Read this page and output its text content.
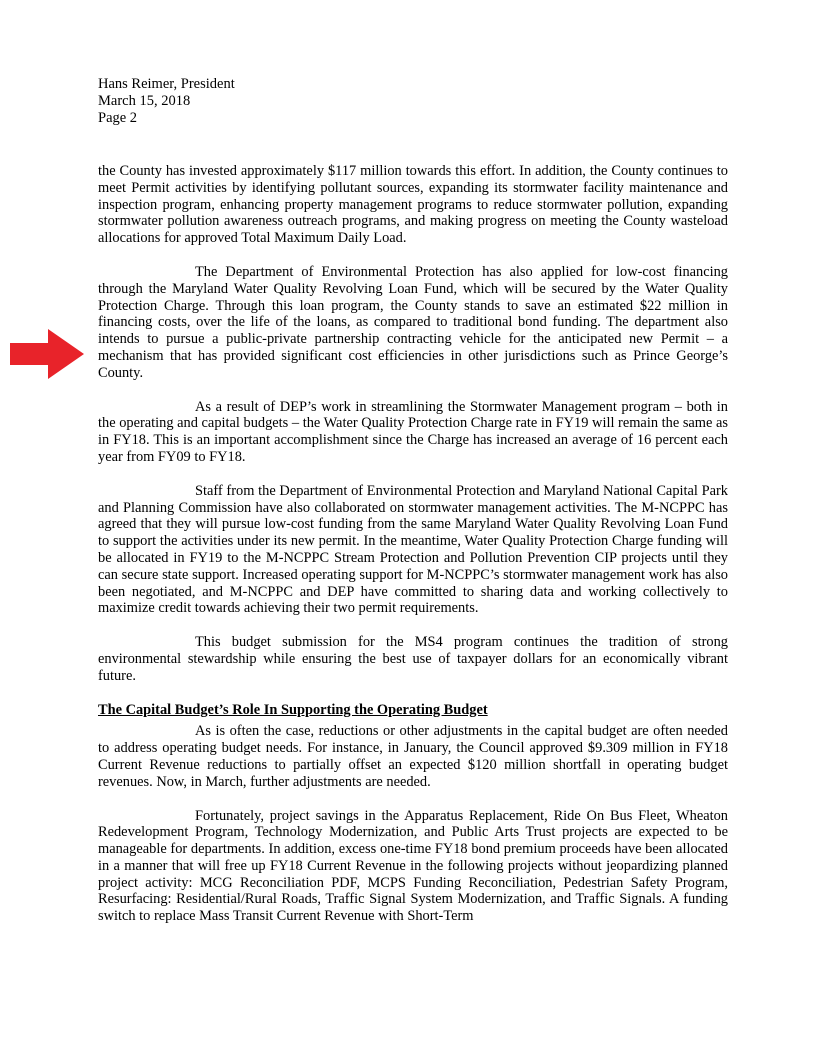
Hans Reimer, President
March 15, 2018
Page 2

the County has invested approximately $117 million towards this effort. In addition, the County continues to meet Permit activities by identifying pollutant sources, expanding its stormwater facility maintenance and inspection program, enhancing property management programs to reduce stormwater pollution, expanding stormwater pollution awareness outreach programs, and making progress on meeting the County wasteload allocations for approved Total Maximum Daily Load.

The Department of Environmental Protection has also applied for low-cost financing through the Maryland Water Quality Revolving Loan Fund, which will be secured by the Water Quality Protection Charge. Through this loan program, the County stands to save an estimated $22 million in financing costs, over the life of the loans, as compared to traditional bond funding. The department also intends to pursue a public-private partnership contracting vehicle for the anticipated new Permit – a mechanism that has provided significant cost efficiencies in other jurisdictions such as Prince George’s County.

As a result of DEP’s work in streamlining the Stormwater Management program – both in the operating and capital budgets – the Water Quality Protection Charge rate in FY19 will remain the same as in FY18. This is an important accomplishment since the Charge has increased an average of 16 percent each year from FY09 to FY18.

Staff from the Department of Environmental Protection and Maryland National Capital Park and Planning Commission have also collaborated on stormwater management activities. The M-NCPPC has agreed that they will pursue low-cost funding from the same Maryland Water Quality Revolving Loan Fund to support the activities under its new permit. In the meantime, Water Quality Protection Charge funding will be allocated in FY19 to the M-NCPPC Stream Protection and Pollution Prevention CIP projects until they can secure state support. Increased operating support for M-NCPPC’s stormwater management work has also been negotiated, and M-NCPPC and DEP have committed to sharing data and working collectively to maximize credit towards achieving their two permit requirements.

This budget submission for the MS4 program continues the tradition of strong environmental stewardship while ensuring the best use of taxpayer dollars for an economically vibrant future.

The Capital Budget’s Role In Supporting the Operating Budget

As is often the case, reductions or other adjustments in the capital budget are often needed to address operating budget needs. For instance, in January, the Council approved $9.309 million in FY18 Current Revenue reductions to partially offset an expected $120 million shortfall in operating budget revenues. Now, in March, further adjustments are needed.

Fortunately, project savings in the Apparatus Replacement, Ride On Bus Fleet, Wheaton Redevelopment Program, Technology Modernization, and Public Arts Trust projects are expected to be manageable for departments. In addition, excess one-time FY18 bond premium proceeds have been allocated in a manner that will free up FY18 Current Revenue in the following projects without jeopardizing planned project activity: MCG Reconciliation PDF, MCPS Funding Reconciliation, Pedestrian Safety Program, Resurfacing: Residential/Rural Roads, Traffic Signal System Modernization, and Traffic Signals. A funding switch to replace Mass Transit Current Revenue with Short-Term
